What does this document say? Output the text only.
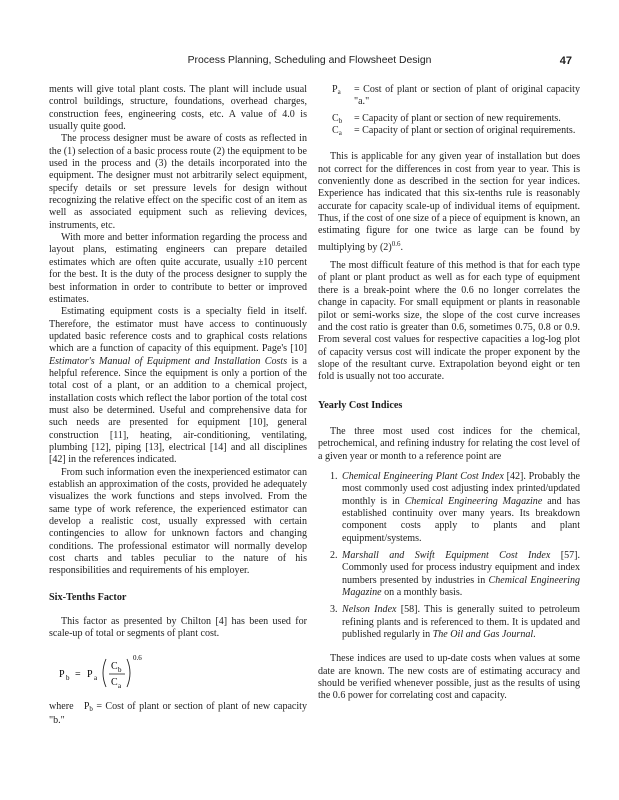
Process Planning, Scheduling and Flowsheet Design	47

ments will give total plant costs. The plant will include usual control buildings, structure, foundations, overhead charges, construction fees, engineering costs, etc. A value of 4.0 is usually quite good.

The process designer must be aware of costs as reflected in the (1) selection of a basic process route (2) the equipment to be used in the process and (3) the details incorporated into the equipment. The designer must not arbitrarily select equipment, specify details or set pressure levels for design without recognizing the relative effect on the specific cost of an item as well as associated equipment such as relieving devices, instruments, etc.

With more and better information regarding the process and layout plans, estimating engineers can prepare detailed estimates which are often quite accurate, usually ±10 percent for the best. It is the duty of the process designer to supply the best information in order to contribute to better or improved estimates.

Estimating equipment costs is a specialty field in itself. Therefore, the estimator must have access to continuously updated basic reference costs and to graphical costs relations which are a function of capacity of this equipment. Page's [10] Estimator's Manual of Equipment and Installation Costs is a helpful reference. Since the equipment is only a portion of the total cost of a plant, or an addition to a chemical project, installation costs which reflect the labor portion of the total cost must also be determined. Useful and comprehensive data for such needs are presented for equipment [10], general construction [11], heating, air-conditioning, ventilating, plumbing [12], piping [13], electrical [14] and all disciplines [42] in the references indicated.

From such information even the inexperienced estimator can establish an approximation of the costs, provided he adequately visualizes the work functions and steps involved. From the same type of work reference, the experienced estimator can develop a realistic cost, usually expressed with certain contingencies to allow for unknown factors and changing conditions. The professional estimator will normally develop cost charts and tables peculiar to the nature of his responsibilities and requirements of his employer.

Six-Tenths Factor

This factor as presented by Chilton [4] has been used for scale-up of total or segments of plant cost.

P b = P a
C b
C a
0.6

where $P_b$ = Cost of plant or section of plant of new capacity "b."

$P_a$ = Cost of plant or section of plant of original capacity "a."

$C_b$ = Capacity of plant or section of new requirements.

$C_a$ = Capacity of plant or section of original requirements.

This is applicable for any given year of installation but does not correct for the differences in cost from year to year. This is conveniently done as described in the section for year indices. Experience has indicated that this six-tenths rule is reasonably accurate for capacity scale-up of individual items of equipment. Thus, if the cost of one size of a piece of equipment is known, an estimating figure for one twice as large can be found by multiplying by $(2)^{0.6}$.

The most difficult feature of this method is that for each type of plant or plant product as well as for each type of equipment there is a break-point where the 0.6 no longer correlates the change in capacity. For small equipment or plants in reasonable pilot or semi-works size, the slope of the cost curve increases and the cost ratio is greater than 0.6, sometimes 0.75, 0.8 or 0.9. From several cost values for respective capacities a log-log plot of capacity versus cost will indicate the proper exponent by the slope of the resultant curve. Extrapolation beyond eight or ten fold is usually not too accurate.

Yearly Cost Indices

The three most used cost indices for the chemical, petrochemical, and refining industry for relating the cost level of a given year or month to a reference point are

1. Chemical Engineering Plant Cost Index [42]. Probably the most commonly used cost adjusting index printed/updated monthly is in Chemical Engineering Magazine and has established continuity over many years. Its breakdown component costs apply to plants and plant equipment/systems.
2. Marshall and Swift Equipment Cost Index [57]. Commonly used for process industry equipment and index numbers presented by industries in Chemical Engineering Magazine on a monthly basis.
3. Nelson Index [58]. This is generally suited to petroleum refining plants and is referenced to them. It is updated and published regularly in The Oil and Gas Journal.

These indices are used to up-date costs when values at some date are known. The new costs are of estimating accuracy and should be verified whenever possible, just as the results of using the 0.6 power for correlating cost and capacity.
